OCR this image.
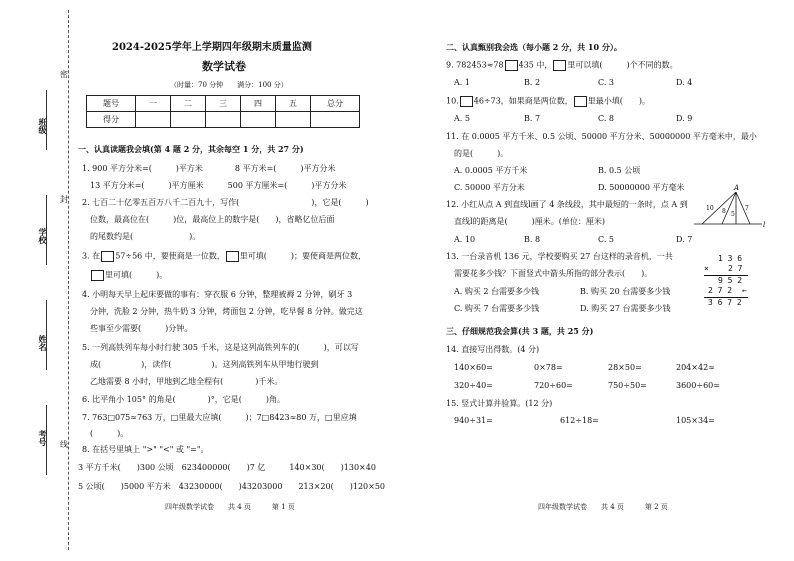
班级
学校
姓名
考号
密
封
线
2024-2025学年上学期四年级期末质量监测
数学试卷
（时量：70 分钟　　满分：100 分）
题号	一	二	三	四	五	总分
得分						
一、认真读题我会填(第 4 题 2 分，其余每空 1 分，共 27 分)
1. 900 平方分米=(　　　)平方米　　　　8 平方米=(　　　)平方分米
13 平方分米=(　　　)平方厘米　　　500 平方厘米=(　　　)平方分米
2. 七百二十亿零五百万八千二百九十，写作(　　　　　　　　　)，它是(　　　)
位数，最高位在(　　　)位，最高位上的数字是(　　)，省略亿位后面
的尾数约是(　　　　　　　)。
3. 在 57÷56 中，要使商是一位数， 里可填(　　　)；要使商是两位数，
里可填(　　　)。
4. 小明每天早上起床要做的事有：穿衣服 6 分钟，整理被褥 2 分钟，刷牙 3
分钟，洗脸 2 分钟，热牛奶 3 分钟，烤面包 2 分钟，吃早餐 8 分钟。做完这
些事至少需要(　　　)分钟。
5. 一列高铁列车每小时行驶 305 千米，这是这列高铁列车的(　　　)，可以写
成(　　　　　)，读作(　　　　　)。这列高铁列车从甲地行驶到
乙地需要 8 小时，甲地到乙地全程有(　　　　)千米。
6. 比平角小 105° 的角是(　　　　)°，它是(　　　)角。
7. 763□075≈763 万，□里最大应填(　　　)；7□8423≈80 万，□里应填
(　　　)。
8. 在括号里填上 ">" "<" 或 "="。
3 平方千米(　　)300 公顷　623400000(　　)7 亿　　　140×30(　　)130×40
5 公顷(　　)5000 平方米　43230000(　　)43203000　　213×20(　　)120×50
四年级数学试卷　　共 4 页　　　第 1 页
二、认真甄别我会选（每小题 2 分，共 10 分）。
9. 782453≈78 435 中， 里可以填(　　　)个不同的数。
A. 1	B. 2	C. 3	D. 4
10. 46÷73，如果商是两位数， 里最小填(　　)。
A. 5	B. 7	C. 8	D. 9
11. 在 0.0005 平方千米、0.5 公顷、50000 平方分米、50000000 平方毫米中，最小
的是(　　　)。
A. 0.0005 平方千米	B. 0.5 公顷
C. 50000 平方分米	D. 50000000 平方毫米
12. 小红从点 A 到直线l画了 4 条线段，其中最短的一条时，点 A 到
直线l的距离是(　　　)厘米。(单位：厘米)
A. 10	B. 8	C. 5	D. 7
A
l
10 8 5
7
13. 一台录音机 136 元，学校要购买 27 台这样的录音机，一共
需要花多少钱？下面竖式中箭头所指的部分表示(　　)。
A. 购买 2 台需要多少钱	B. 购买 20 台需要多少钱
C. 购买 7 台需要多少钱	D. 购买 27 台需要多少钱
1 3 6
× 2 7
9 5 2
2 7 2 ←
3 6 7 2
三、仔细规范我会算(共 3 题，共 25 分)
14. 直接写出得数。(4 分)
140×60=	0×78=	28×50=	204×42≈
320÷40=	720÷60=	750÷50=	3600÷60=
15. 竖式计算并验算。(12 分)
940÷31=	612÷18=	105×34=
四年级数学试卷　　共 4 页　　　第 2 页
